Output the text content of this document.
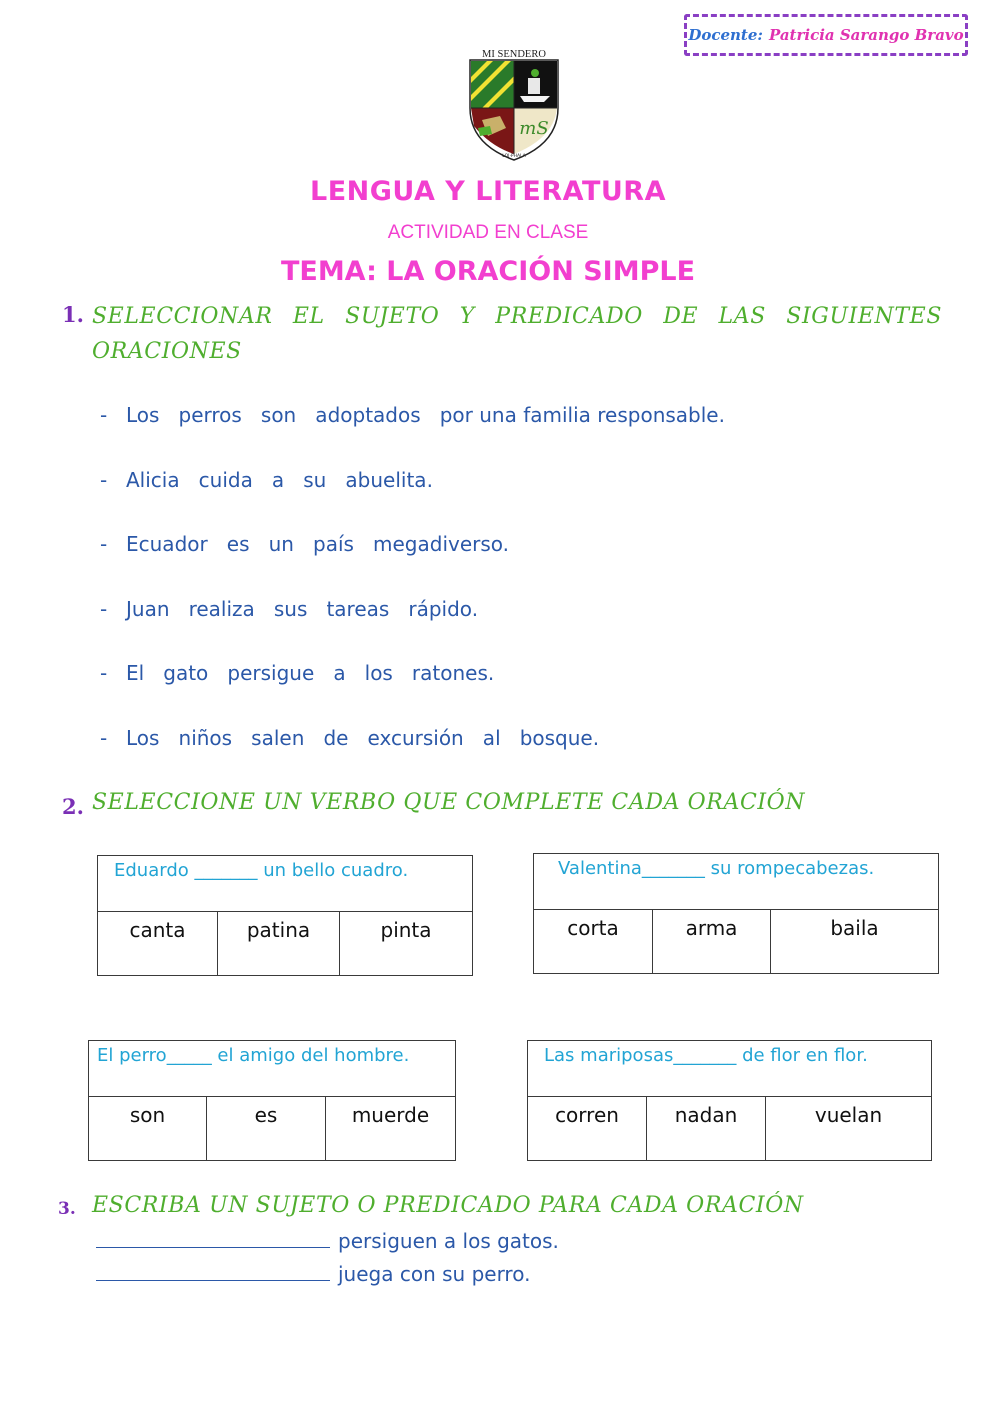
Docente: Patricia Sarango Bravo
MI SENDERO
mS
LOJ·PHALA
LENGUA Y LITERATURA
ACTIVIDAD EN CLASE
TEMA: LA ORACIÓN SIMPLE
1. SELECCIONAR EL SUJETO Y PREDICADO DE LAS SIGUIENTES ORACIONES
- Los   perros   son   adoptados   por una familia responsable.
- Alicia   cuida   a   su   abuelita.
- Ecuador   es   un   país   megadiverso.
- Juan   realiza   sus   tareas   rápido.
- El   gato   persigue   a   los   ratones.
- Los   niños   salen   de   excursión   al   bosque.
2. SELECCIONE UN VERBO QUE COMPLETE CADA ORACIÓN
Eduardo _______ un bello cuadro.
canta	patina	pinta
Valentina_______ su rompecabezas.
corta	arma	baila
El perro_____ el amigo del hombre.
son	es	muerde
Las mariposas_______ de flor en flor.
corren	nadan	vuelan
3. ESCRIBA UN SUJETO O PREDICADO PARA CADA ORACIÓN
persiguen a los gatos.
juega con su perro.
